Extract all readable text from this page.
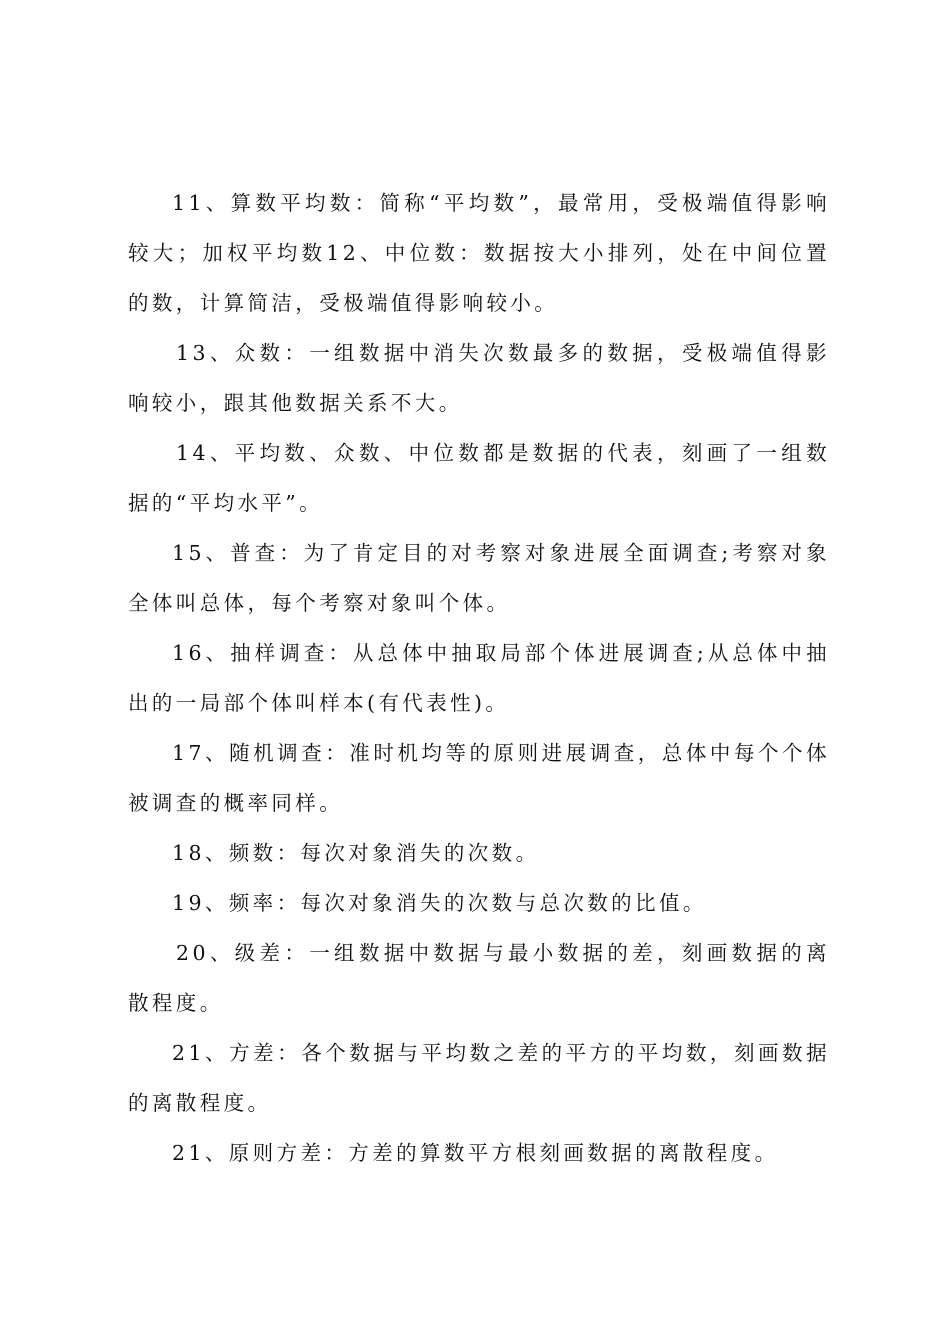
11、算数平均数：简称“平均数”，最常用，受极端值得影响较大；加权平均数12、中位数：数据按大小排列，处在中间位置的数，计算简洁，受极端值得影响较小。

13、众数：一组数据中消失次数最多的数据，受极端值得影响较小，跟其他数据关系不大。

14、平均数、众数、中位数都是数据的代表，刻画了一组数据的“平均水平”。

15、普查：为了肯定目的对考察对象进展全面调查;考察对象全体叫总体，每个考察对象叫个体。

16、抽样调查：从总体中抽取局部个体进展调查;从总体中抽出的一局部个体叫样本(有代表性)。

17、随机调查：准时机均等的原则进展调查，总体中每个个体被调查的概率同样。

18、频数：每次对象消失的次数。

19、频率：每次对象消失的次数与总次数的比值。

20、级差：一组数据中数据与最小数据的差，刻画数据的离散程度。

21、方差：各个数据与平均数之差的平方的平均数，刻画数据的离散程度。

21、原则方差：方差的算数平方根刻画数据的离散程度。
